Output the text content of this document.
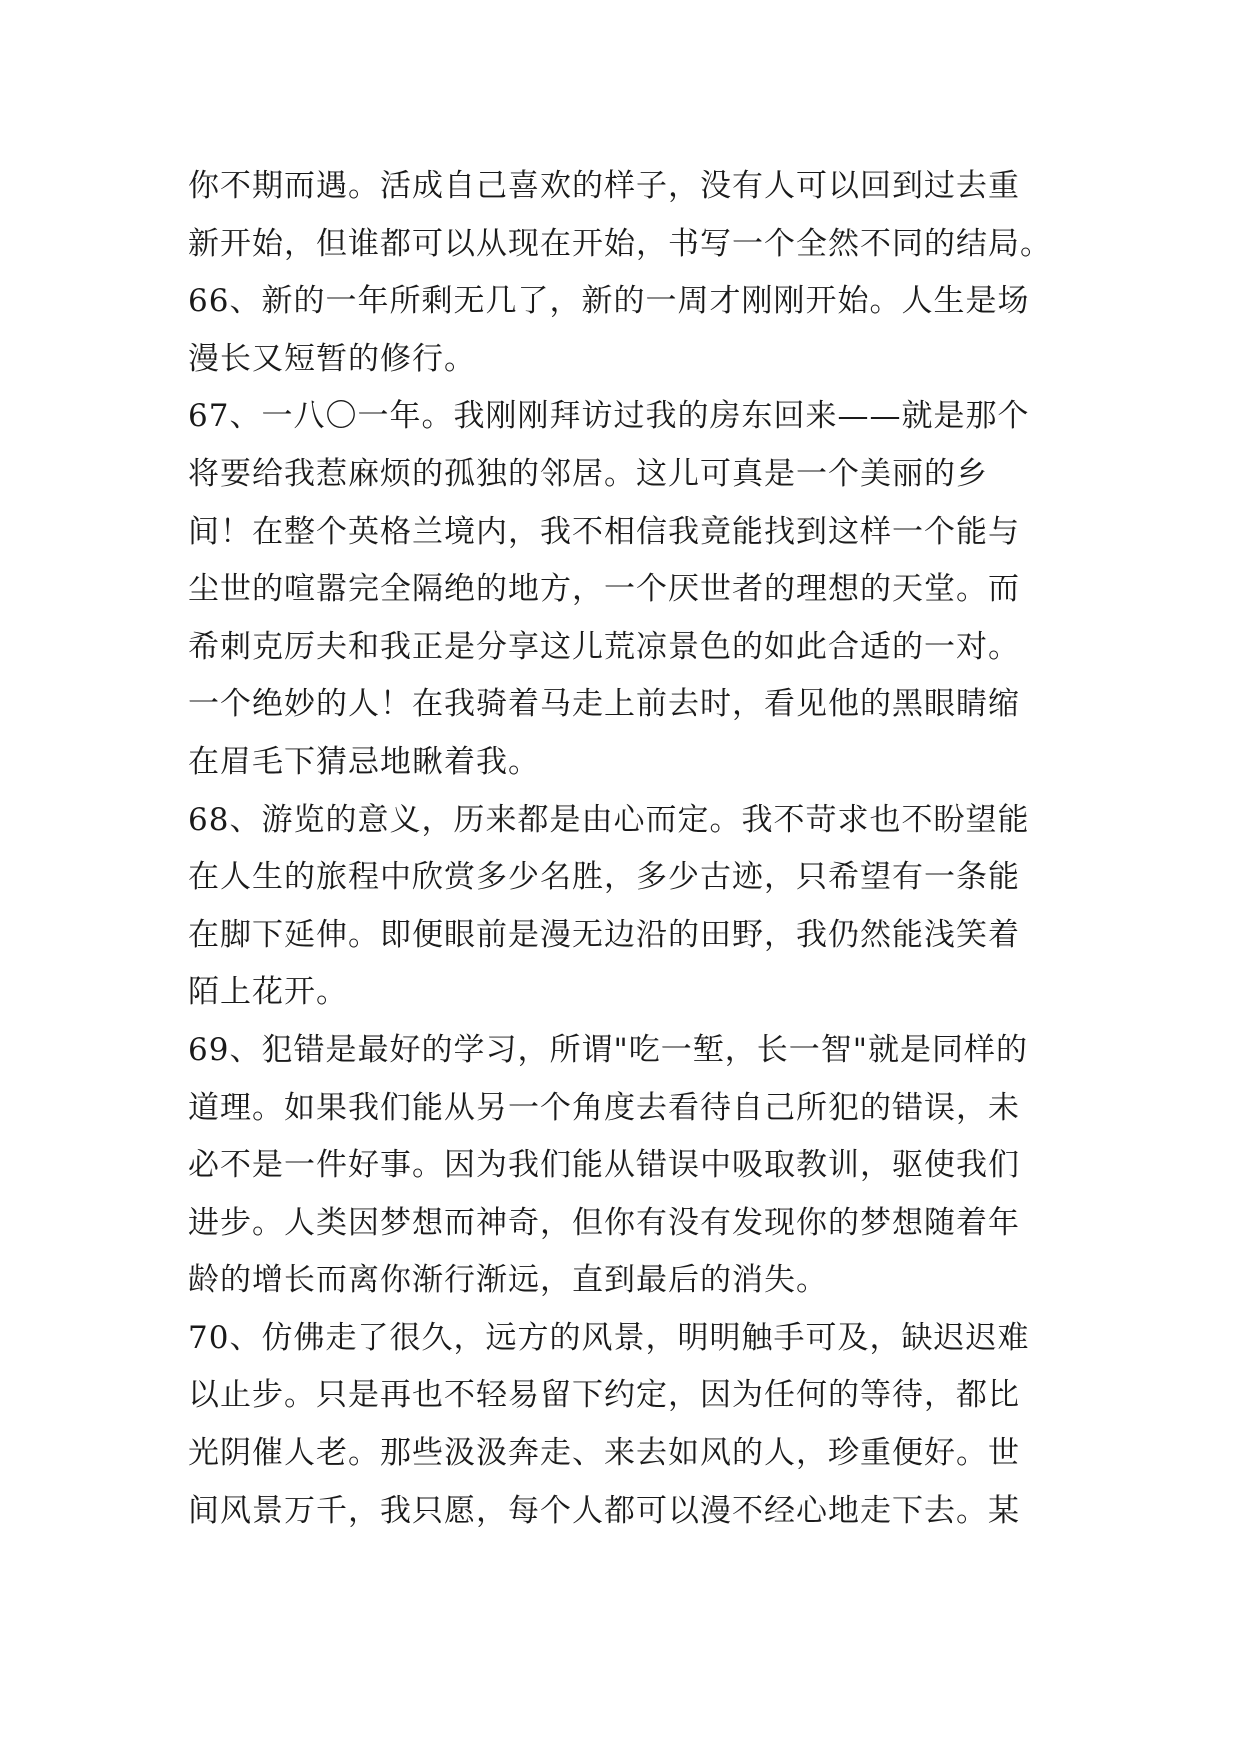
你不期而遇。活成自己喜欢的样子，没有人可以回到过去重
新开始，但谁都可以从现在开始，书写一个全然不同的结局。
66、新的一年所剩无几了，新的一周才刚刚开始。人生是场
漫长又短暂的修行。
67、一八〇一年。我刚刚拜访过我的房东回来——就是那个
将要给我惹麻烦的孤独的邻居。这儿可真是一个美丽的乡
间！在整个英格兰境内，我不相信我竟能找到这样一个能与
尘世的喧嚣完全隔绝的地方，一个厌世者的理想的天堂。而
希刺克厉夫和我正是分享这儿荒凉景色的如此合适的一对。
一个绝妙的人！在我骑着马走上前去时，看见他的黑眼睛缩
在眉毛下猜忌地瞅着我。
68、游览的意义，历来都是由心而定。我不苛求也不盼望能
在人生的旅程中欣赏多少名胜，多少古迹，只希望有一条能
在脚下延伸。即便眼前是漫无边沿的田野，我仍然能浅笑着
陌上花开。
69、犯错是最好的学习，所谓"吃一堑，长一智"就是同样的
道理。如果我们能从另一个角度去看待自己所犯的错误，未
必不是一件好事。因为我们能从错误中吸取教训，驱使我们
进步。人类因梦想而神奇，但你有没有发现你的梦想随着年
龄的增长而离你渐行渐远，直到最后的消失。
70、仿佛走了很久，远方的风景，明明触手可及，缺迟迟难
以止步。只是再也不轻易留下约定，因为任何的等待，都比
光阴催人老。那些汲汲奔走、来去如风的人，珍重便好。世
间风景万千，我只愿，每个人都可以漫不经心地走下去。某
